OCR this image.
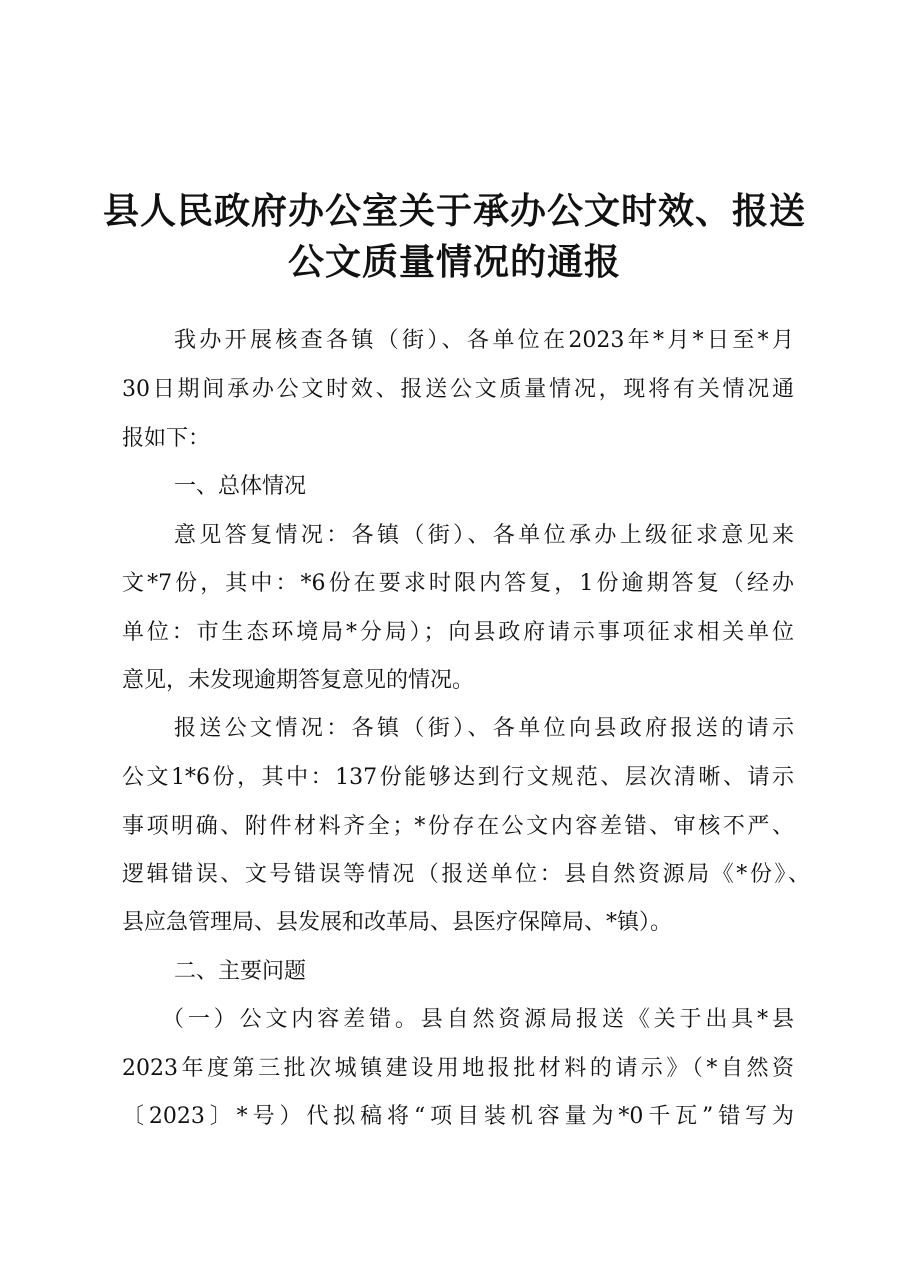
县人民政府办公室关于承办公文时效、报送
公文质量情况的通报
我办开展核查各镇（街）、各单位在2023年*月*日至*月
30日期间承办公文时效、报送公文质量情况，现将有关情况通
报如下：
一、总体情况
意见答复情况：各镇（街）、各单位承办上级征求意见来
文*7份，其中：*6份在要求时限内答复，1份逾期答复（经办
单位：市生态环境局*分局）；向县政府请示事项征求相关单位
意见，未发现逾期答复意见的情况。
报送公文情况：各镇（街）、各单位向县政府报送的请示
公文1*6份，其中：137份能够达到行文规范、层次清晰、请示
事项明确、附件材料齐全；*份存在公文内容差错、审核不严、
逻辑错误、文号错误等情况（报送单位：县自然资源局《*份》、
县应急管理局、县发展和改革局、县医疗保障局、*镇）。
二、主要问题
（一）公文内容差错。县自然资源局报送《关于出具*县
2023年度第三批次城镇建设用地报批材料的请示》（*自然资
〔2023〕*号）代拟稿将“项目装机容量为*0千瓦”错写为
